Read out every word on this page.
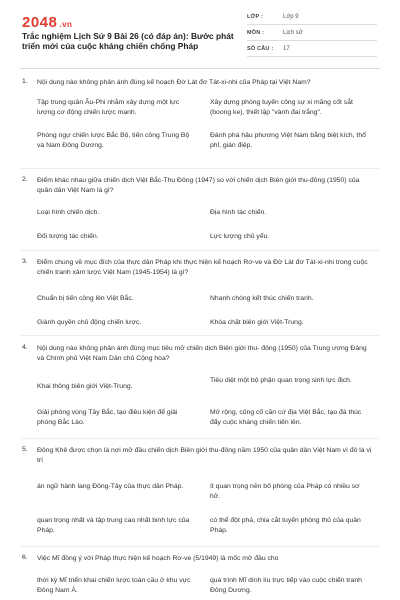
2048 .vn
Trắc nghiệm Lịch Sử 9 Bài 26 (có đáp án): Bước phát triển mới của cuộc kháng chiến chống Pháp
LỚP :	Lớp 9
MÔN :	Lịch sử
SỐ CÂU :	17
1. Nội dung nào không phản ánh đúng kế hoạch Đờ Lát đơ Tát-xi-nhi của Pháp tại Việt Nam?
Tập trung quân Âu-Phi nhằm xây dựng một lực lượng cơ động chiến lược mạnh.
Xây dựng phòng tuyến công sự xi măng cốt sắt (boong ke), thiết lập "vành đai trắng".
Phòng ngự chiến lược Bắc Bộ, tiến công Trung Bộ và Nam Đông Dương.
Đánh phá hậu phương Việt Nam bằng biệt kích, thổ phỉ, gián điệp.
2. Điểm khác nhau giữa chiến dịch Việt Bắc-Thu Đông (1947) so với chiến dịch Biên giới thu-đông (1950) của quân dân Việt Nam là gì?
Loại hình chiến dịch.	Địa hình tác chiến.
Đối tượng tác chiến.	Lực lượng chủ yếu.
3. Điểm chung về mục đích của thực dân Pháp khi thực hiện kế hoạch Rơ-ve và Đờ Lát đơ Tát-xi-nhi trong cuộc chiến tranh xâm lược Việt Nam (1945-1954) là gì?
Chuẩn bị tiến công lên Việt Bắc.	Nhanh chóng kết thúc chiến tranh.
Giành quyền chủ động chiến lược.	Khóa chặt biên giới Việt-Trung.
4. Nội dung nào không phản ánh đúng mục tiêu mở chiến dịch Biên giới thu- đông (1950) của Trung ương Đảng và Chính phủ Việt Nam Dân chủ Cộng hòa?
Khai thông biên giới Việt-Trung.
Tiêu diệt một bộ phận quan trọng sinh lực địch.
Giải phóng vùng Tây Bắc, tạo điều kiện để giải phóng Bắc Lào.
Mở rộng, củng cố căn cứ địa Việt Bắc, tạo đà thúc đẩy cuộc kháng chiến tiến lên.
5. Đông Khê được chọn là nơi mở đầu chiến dịch Biên giới thu-đông năm 1950 của quân dân Việt Nam vì đó là vị trí
án ngữ hành lang Đông-Tây của thực dân Pháp.	ít quan trọng nên bố phòng của Pháp có nhiều sơ hở.
quan trọng nhất và tập trung cao nhất binh lực của Pháp.
có thể đột phá, chia cắt tuyến phòng thủ của quân Pháp.
6. Việc Mĩ đồng ý với Pháp thực hiện kế hoạch Rơ-ve (5/1949) là mốc mở đầu cho
thời kỳ Mĩ triển khai chiến lược toàn cầu ở khu vực Đông Nam Á.
quá trình Mĩ dính líu trực tiếp vào cuộc chiến tranh Đông Dương.
